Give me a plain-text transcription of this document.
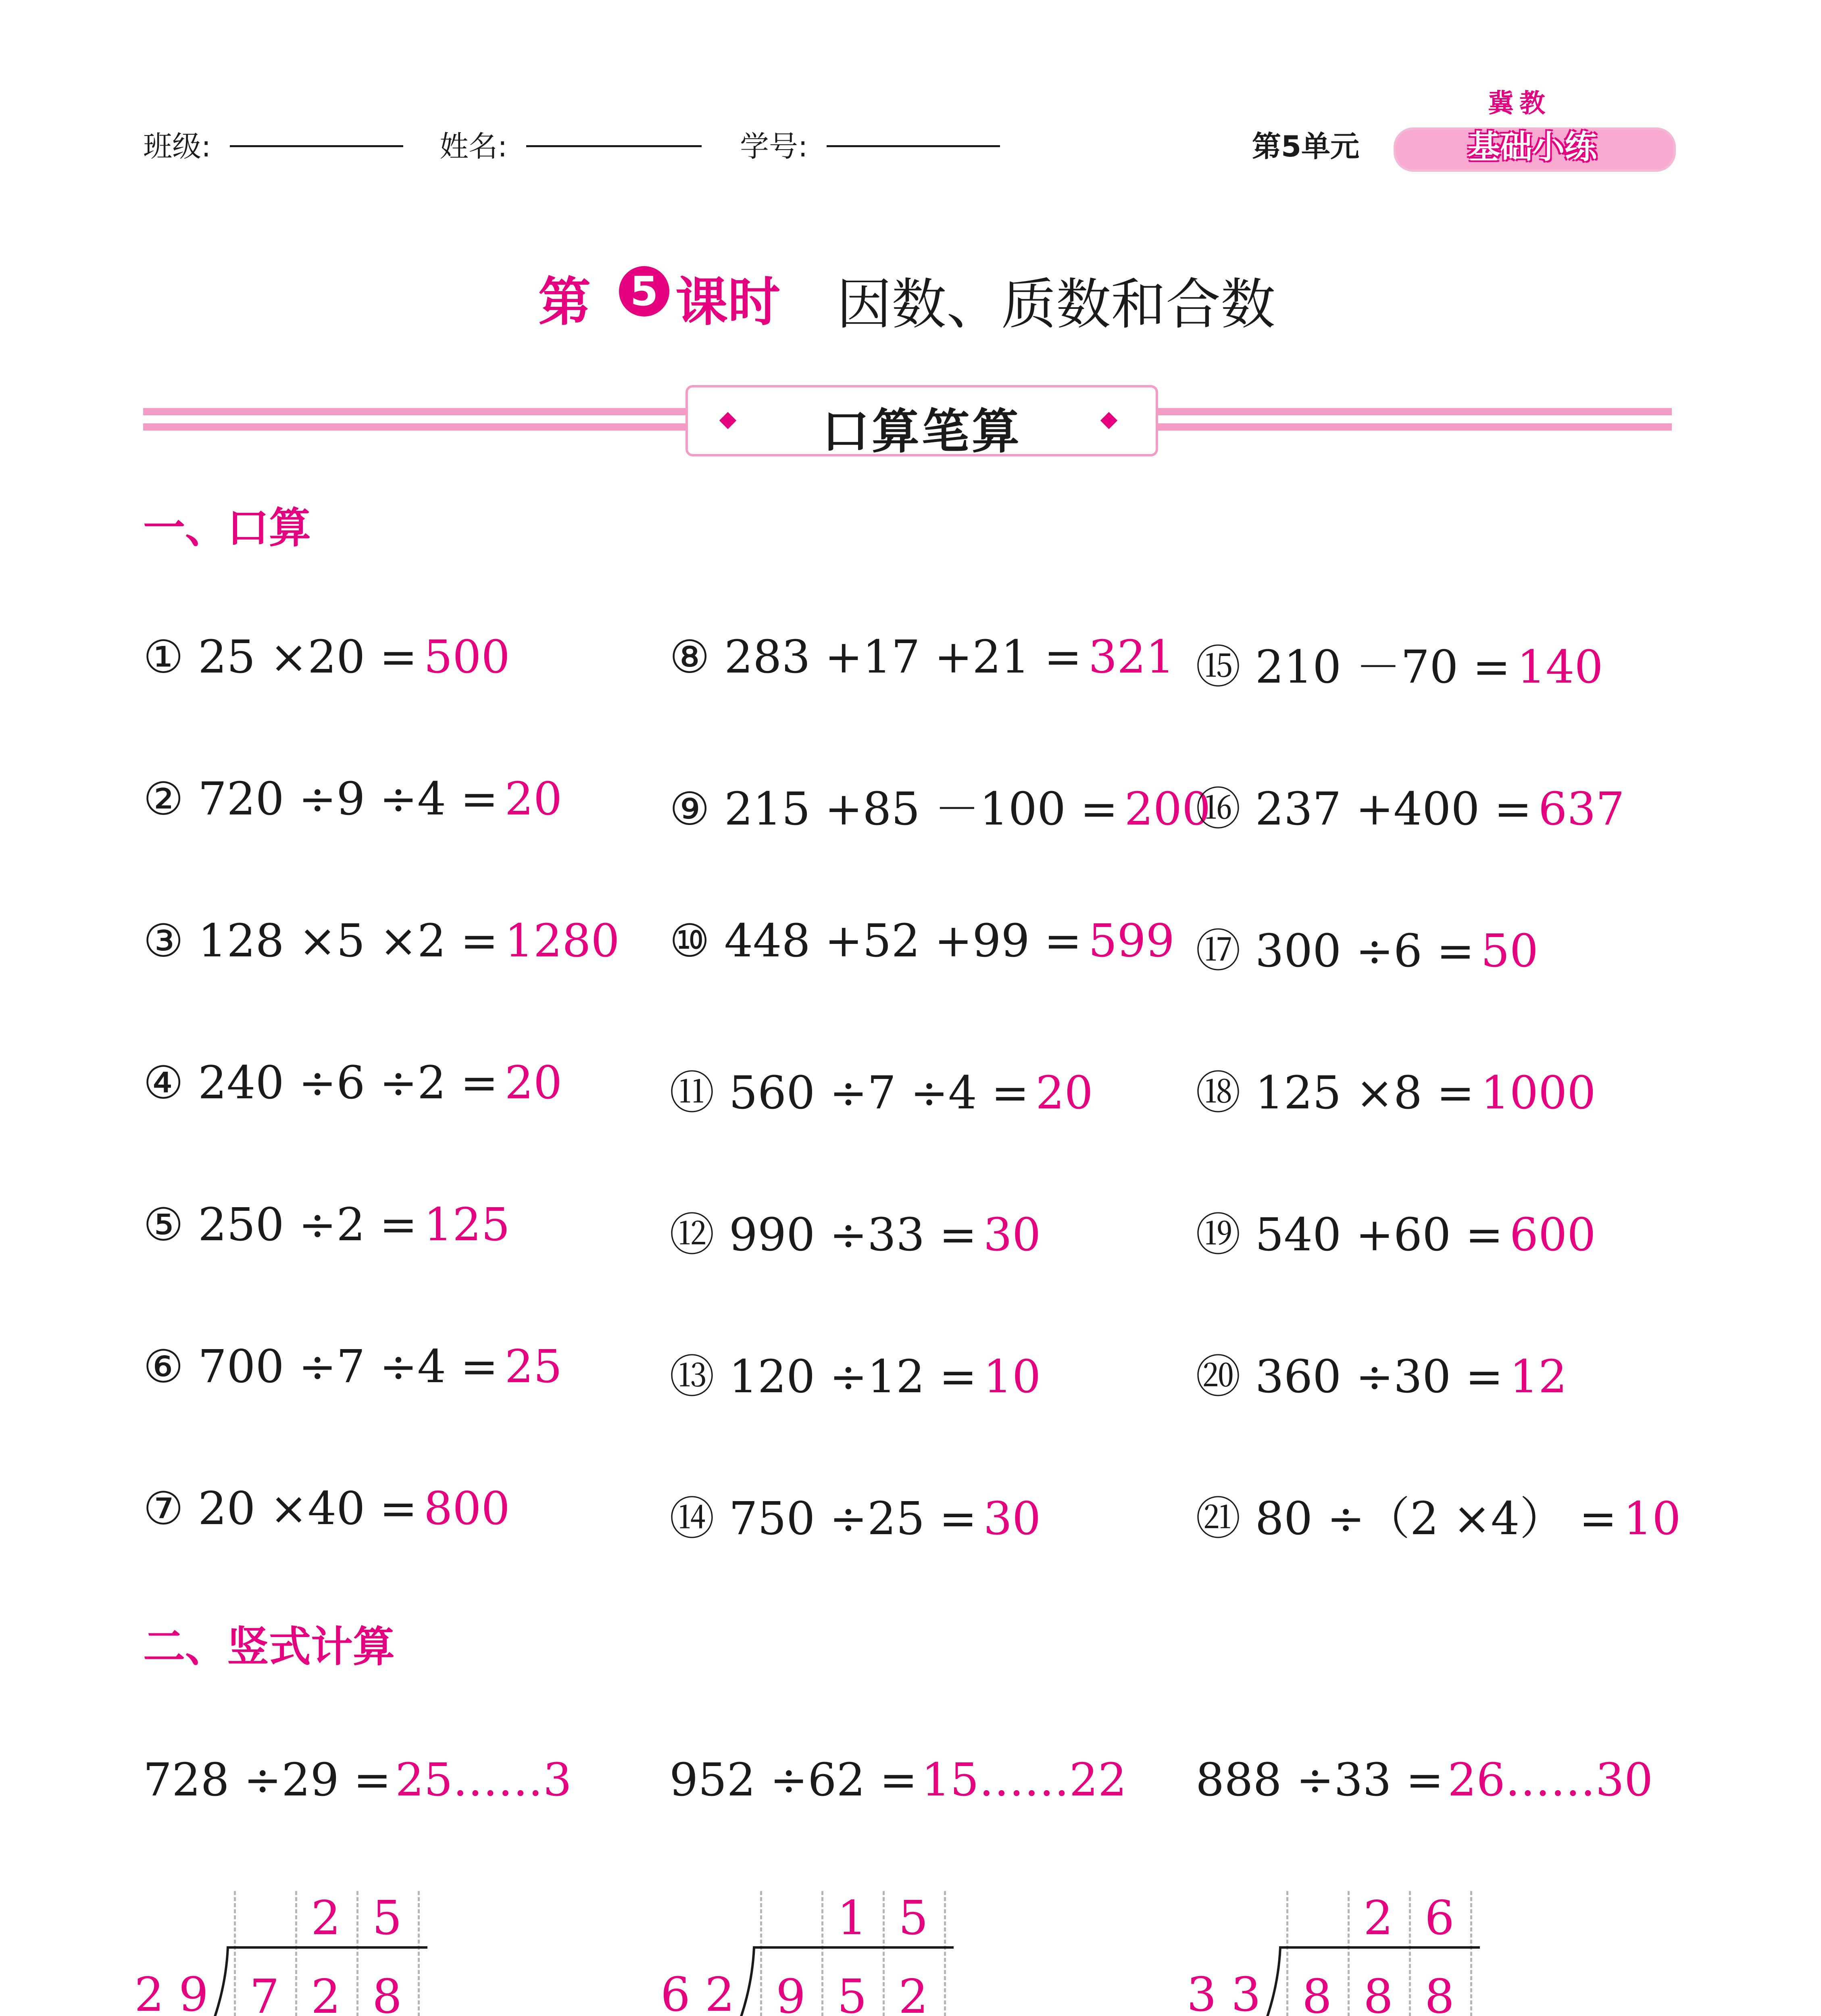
班级:	姓名:	学号:	第5单元
冀教
基础小练
第 5 课时 因数、质数和合数
口算笔算
一、口算
① 25 ×20 = 500
② 720 ÷9 ÷4 = 20
③ 128 ×5 ×2 = 1280
④ 240 ÷6 ÷2 = 20
⑤ 250 ÷2 = 125
⑥ 700 ÷7 ÷4 = 25
⑦ 20 ×40 = 800
⑧ 283 +17 +21 = 321
⑨ 215 +85 －100 = 200
⑩ 448 +52 +99 = 599
⑪ 560 ÷7 ÷4 = 20
⑫ 990 ÷33 = 30
⑬ 120 ÷12 = 10
⑭ 750 ÷25 = 30
⑮ 210 －70 = 140
⑯ 237 +400 = 637
⑰ 300 ÷6 = 50
⑱ 125 ×8 = 1000
⑲ 540 +60 = 600
⑳ 360 ÷30 = 12
㉑ 80 ÷（2 ×4） = 10
二、竖式计算
728 ÷29 =25……3 952 ÷62 =15……22 888 ÷33 =26……30
2 9
2 5
7 2 8	6 2
1 5
9 5 2	3 3
2 6
8 8 8
